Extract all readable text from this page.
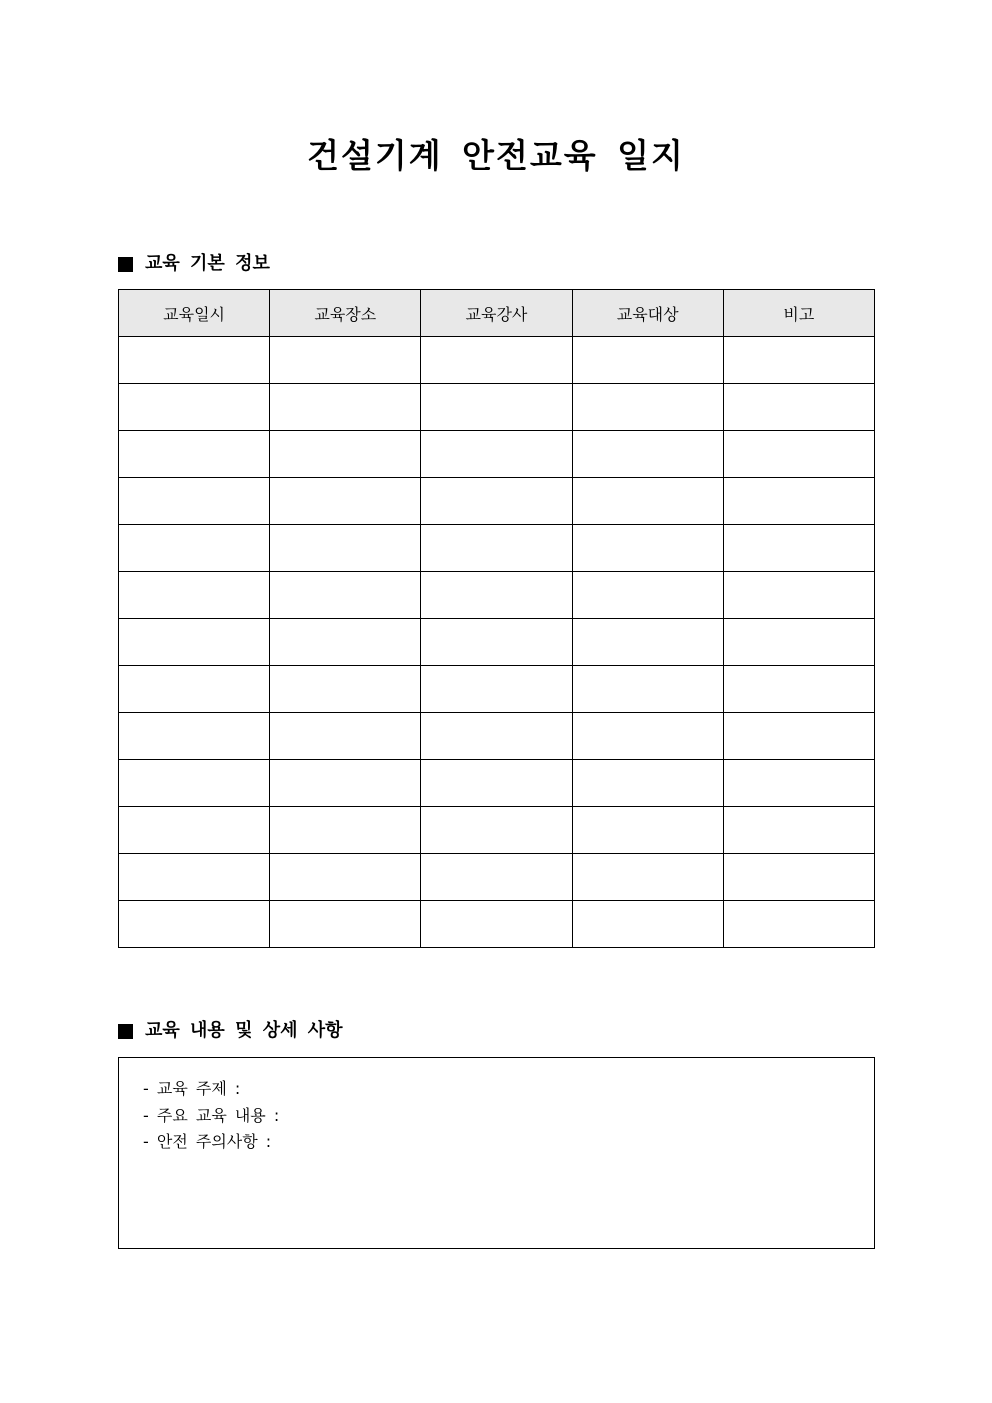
건설기계 안전교육 일지
교육 기본 정보
교육일시	교육장소	교육강사	교육대상	비고

교육 내용 및 상세 사항
- 교육 주제 :
- 주요 교육 내용 :
- 안전 주의사항 :
